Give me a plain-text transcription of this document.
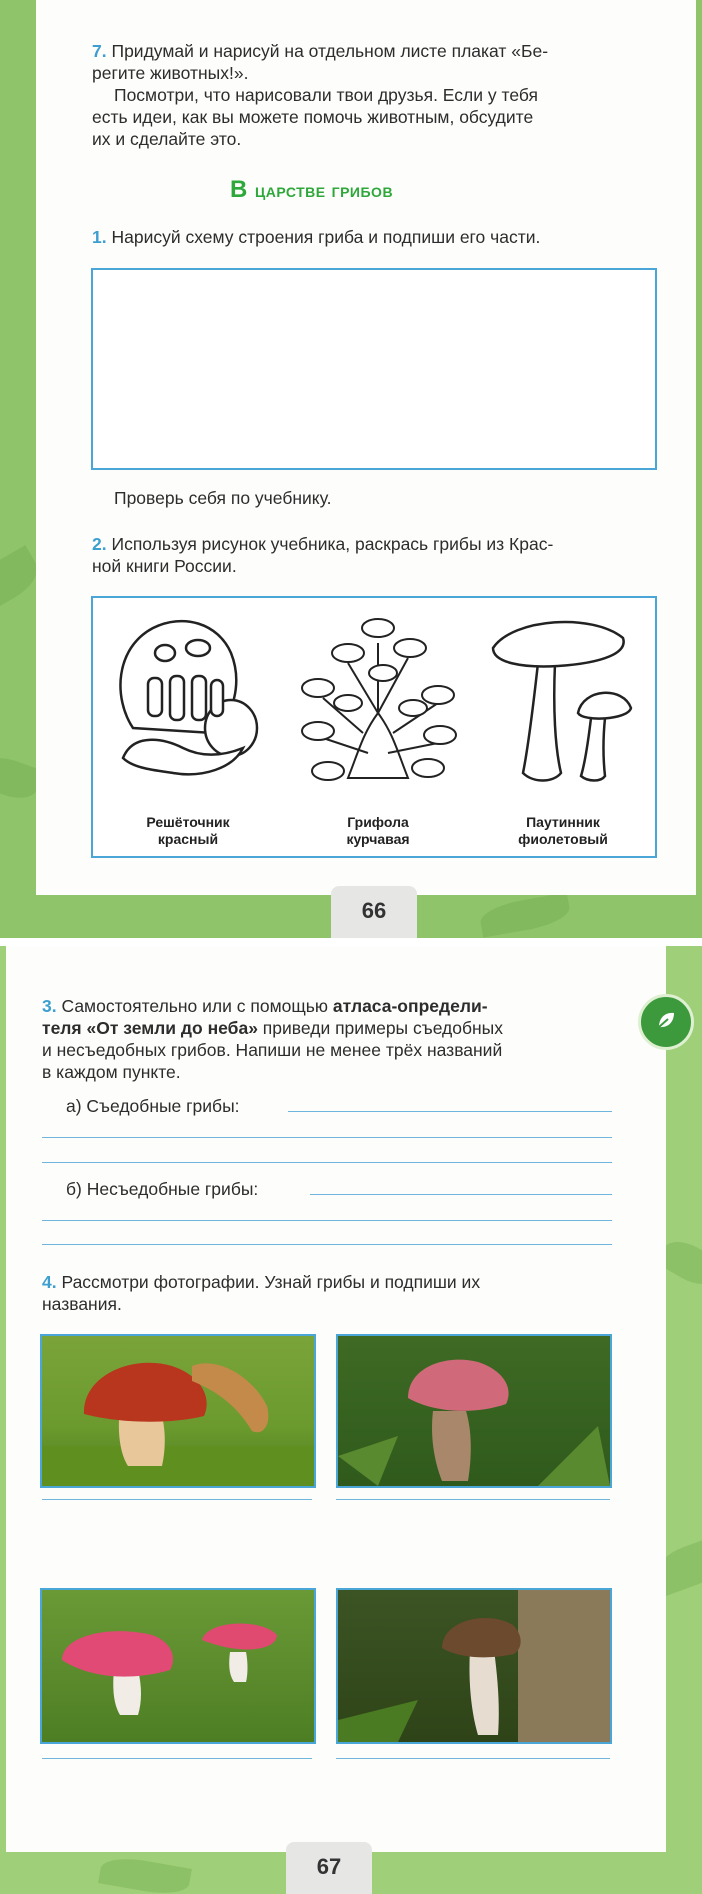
7. Придумай и нарисуй на отдельном листе плакат «Бе-
регите животных!».
Посмотри, что нарисовали твои друзья. Если у тебя
есть идеи, как вы можете помочь животным, обсудите
их и сделайте это.
В царстве грибов
1. Нарисуй схему строения гриба и подпиши его части.
Проверь себя по учебнику.
2. Используя рисунок учебника, раскрась грибы из Крас-
ной книги России.
Решёточник
красный
Грифола
курчавая
Паутинник
фиолетовый
66
3. Самостоятельно или с помощью атласа-определи-
теля «От земли до неба» приведи примеры съедобных
и несъедобных грибов. Напиши не менее трёх названий
в каждом пункте.
а) Съедобные грибы:
б) Несъедобные грибы:
4. Рассмотри фотографии. Узнай грибы и подпиши их
названия.
67
